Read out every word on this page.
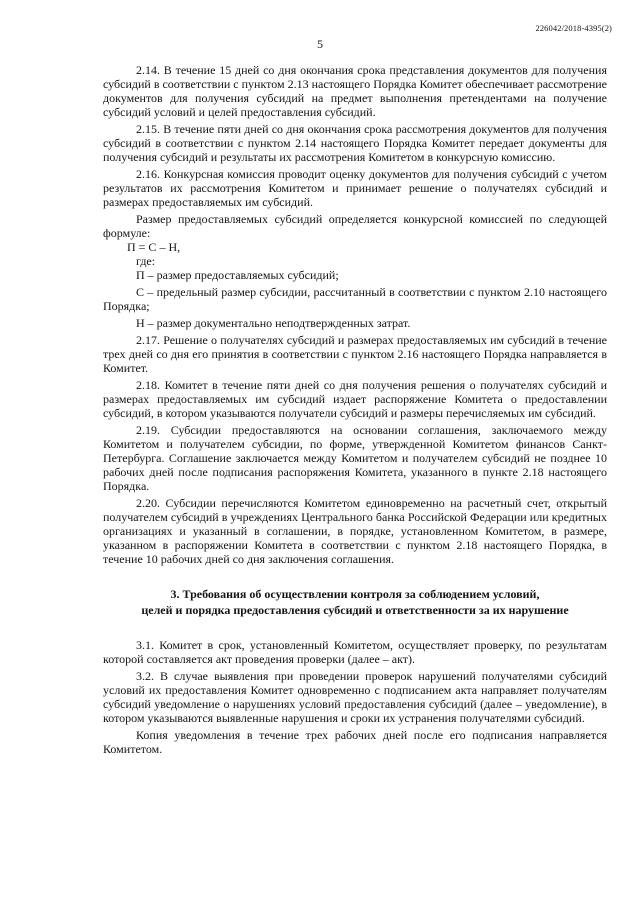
226042/2018-4395(2)
5

2.14. В течение 15 дней со дня окончания срока представления документов для получения субсидий в соответствии с пунктом 2.13 настоящего Порядка Комитет обеспечивает рассмотрение документов для получения субсидий на предмет выполнения претендентами на получение субсидий условий и целей предоставления субсидий.

2.15. В течение пяти дней со дня окончания срока рассмотрения документов для получения субсидий в соответствии с пунктом 2.14 настоящего Порядка Комитет передает документы для получения субсидий и результаты их рассмотрения Комитетом в конкурсную комиссию.

2.16. Конкурсная комиссия проводит оценку документов для получения субсидий с учетом результатов их рассмотрения Комитетом и принимает решение о получателях субсидий и размерах предоставляемых им субсидий.

Размер предоставляемых субсидий определяется конкурсной комиссией по следующей формуле:

П = С – Н,

где:

П – размер предоставляемых субсидий;

С – предельный размер субсидии, рассчитанный в соответствии с пунктом 2.10 настоящего Порядка;

Н – размер документально неподтвержденных затрат.

2.17. Решение о получателях субсидий и размерах предоставляемых им субсидий в течение трех дней со дня его принятия в соответствии с пунктом 2.16 настоящего Порядка направляется в Комитет.

2.18. Комитет в течение пяти дней со дня получения решения о получателях субсидий и размерах предоставляемых им субсидий издает распоряжение Комитета о предоставлении субсидий, в котором указываются получатели субсидий и размеры перечисляемых им субсидий.

2.19. Субсидии предоставляются на основании соглашения, заключаемого между Комитетом и получателем субсидии, по форме, утвержденной Комитетом финансов Санкт-Петербурга. Соглашение заключается между Комитетом и получателем субсидий не позднее 10 рабочих дней после подписания распоряжения Комитета, указанного в пункте 2.18 настоящего Порядка.

2.20. Субсидии перечисляются Комитетом единовременно на расчетный счет, открытый получателем субсидий в учреждениях Центрального банка Российской Федерации или кредитных организациях и указанный в соглашении, в порядке, установленном Комитетом, в размере, указанном в распоряжении Комитета в соответствии с пунктом 2.18 настоящего Порядка, в течение 10 рабочих дней со дня заключения соглашения.

3. Требования об осуществлении контроля за соблюдением условий,
целей и порядка предоставления субсидий и ответственности за их нарушение

3.1. Комитет в срок, установленный Комитетом, осуществляет проверку, по результатам которой составляется акт проведения проверки (далее – акт).

3.2. В случае выявления при проведении проверок нарушений получателями субсидий условий их предоставления Комитет одновременно с подписанием акта направляет получателям субсидий уведомление о нарушениях условий предоставления субсидий (далее – уведомление), в котором указываются выявленные нарушения и сроки их устранения получателями субсидий.

Копия уведомления в течение трех рабочих дней после его подписания направляется Комитетом.
